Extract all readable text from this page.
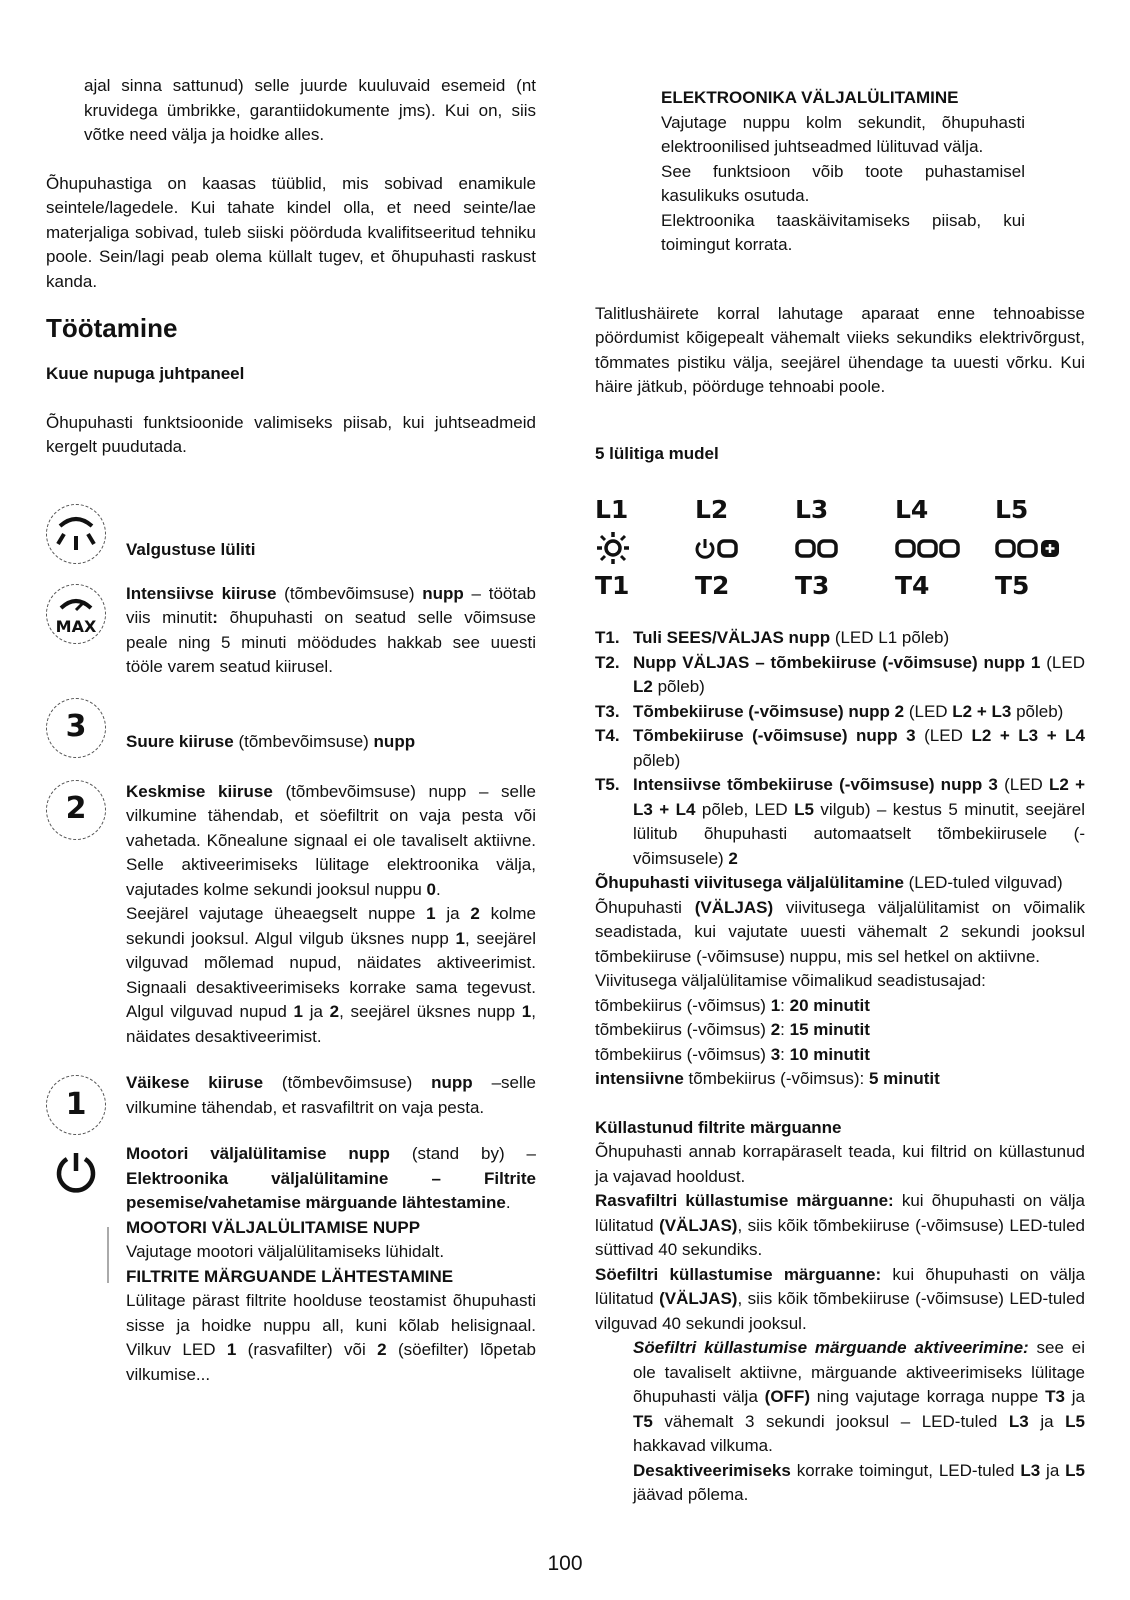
ajal sinna sattunud) selle juurde kuuluvaid esemeid (nt kruvidega ümbrikke, garantiidokumente jms). Kui on, siis võtke need välja ja hoidke alles.

Õhupuhastiga on kaasas tüüblid, mis sobivad enamikule seintele/lagedele. Kui tahate kindel olla, et need seinte/lae materjaliga sobivad, tuleb siiski pöörduda kvalifitseeritud tehniku poole. Sein/lagi peab olema küllalt tugev, et õhupuhasti raskust kanda.

Töötamine

Kuue nupuga juhtpaneel

Õhupuhasti funktsioonide valimiseks piisab, kui juhtseadmeid kergelt puudutada.

Valgustuse lüliti

MAX

Intensiivse kiiruse (tõmbevõimsuse) nupp – töötab viis minutit: õhupuhasti on seatud selle võimsuse peale ning 5 minuti möödudes hakkab see uuesti tööle varem seatud kiirusel.

3 Suure kiiruse (tõmbevõimsuse) nupp

2

Keskmise kiiruse (tõmbevõimsuse) nupp – selle vilkumine tähendab, et söefiltrit on vaja pesta või vahetada. Kõnealune signaal ei ole tavaliselt aktiivne. Selle aktiveerimiseks lülitage elektroonika välja, vajutades kolme sekundi jooksul nuppu 0.

Seejärel vajutage üheaegselt nuppe 1 ja 2 kolme sekundi jooksul. Algul vilgub üksnes nupp 1, seejärel vilguvad mõlemad nupud, näidates aktiveerimist. Signaali desaktiveerimiseks korrake sama tegevust. Algul vilguvad nupud 1 ja 2, seejärel üksnes nupp 1, näidates desaktiveerimist.

1

Väikese kiiruse (tõmbevõimsuse) nupp –selle vilkumine tähendab, et rasvafiltrit on vaja pesta.

Mootori väljalülitamise nupp (stand by) – Elektroonika väljalülitamine – Filtrite pesemise/vahetamise märguande lähtestamine.

MOOTORI VÄLJALÜLITAMISE NUPP

Vajutage mootori väljalülitamiseks lühidalt.

FILTRITE MÄRGUANDE LÄHTESTAMINE

Lülitage pärast filtrite hoolduse teostamist õhupuhasti sisse ja hoidke nuppu all, kuni kõlab helisignaal. Vilkuv LED 1 (rasvafilter) või 2 (söefilter) lõpetab vilkumise...

ELEKTROONIKA VÄLJALÜLITAMINE

Vajutage nuppu kolm sekundit, õhupuhasti elektroonilised juhtseadmed lülituvad välja.

See funktsioon võib toote puhastamisel kasulikuks osutuda.

Elektroonika taaskäivitamiseks piisab, kui toimingut korrata.

Talitlushäirete korral lahutage aparaat enne tehnoabisse pöördumist kõigepealt vähemalt viieks sekundiks elektrivõrgust, tõmmates pistiku välja, seejärel ühendage ta uuesti võrku. Kui häire jätkub, pöörduge tehnoabi poole.

5 lülitiga mudel

L1	L2	L3	L4	L5
T1	T2	T3	T4	T5
T1. Tuli SEES/VÄLJAS nupp (LED L1 põleb)
T2. Nupp VÄLJAS – tõmbekiiruse (-võimsuse) nupp 1 (LED L2 põleb)
T3. Tõmbekiiruse (-võimsuse) nupp 2 (LED L2 + L3 põleb)
T4. Tõmbekiiruse (-võimsuse) nupp 3 (LED L2 + L3 + L4 põleb)
T5. Intensiivse tõmbekiiruse (-võimsuse) nupp 3 (LED L2 + L3 + L4 põleb, LED L5 vilgub) – kestus 5 minutit, seejärel lülitub õhupuhasti automaatselt tõmbekiirusele (-võimsusele) 2

Õhupuhasti viivitusega väljalülitamine (LED-tuled vilguvad)

Õhupuhasti (VÄLJAS) viivitusega väljalülitamist on võimalik seadistada, kui vajutate uuesti vähemalt 2 sekundi jooksul tõmbekiiruse (-võimsuse) nuppu, mis sel hetkel on aktiivne.

Viivitusega väljalülitamise võimalikud seadistusajad:

tõmbekiirus (-võimsus) 1: 20 minutit

tõmbekiirus (-võimsus) 2: 15 minutit

tõmbekiirus (-võimsus) 3: 10 minutit

intensiivne tõmbekiirus (-võimsus): 5 minutit

Küllastunud filtrite märguanne

Õhupuhasti annab korrapäraselt teada, kui filtrid on küllastunud ja vajavad hooldust.

Rasvafiltri küllastumise märguanne: kui õhupuhasti on välja lülitatud (VÄLJAS), siis kõik tõmbekiiruse (-võimsuse) LED-tuled süttivad 40 sekundiks.

Söefiltri küllastumise märguanne: kui õhupuhasti on välja lülitatud (VÄLJAS), siis kõik tõmbekiiruse (-võimsuse) LED-tuled vilguvad 40 sekundi jooksul.

Söefiltri küllastumise märguande aktiveerimine: see ei ole tavaliselt aktiivne, märguande aktiveerimiseks lülitage õhupuhasti välja (OFF) ning vajutage korraga nuppe T3 ja T5 vähemalt 3 sekundi jooksul – LED-tuled L3 ja L5 hakkavad vilkuma.

Desaktiveerimiseks korrake toimingut, LED-tuled L3 ja L5 jäävad põlema.

100
